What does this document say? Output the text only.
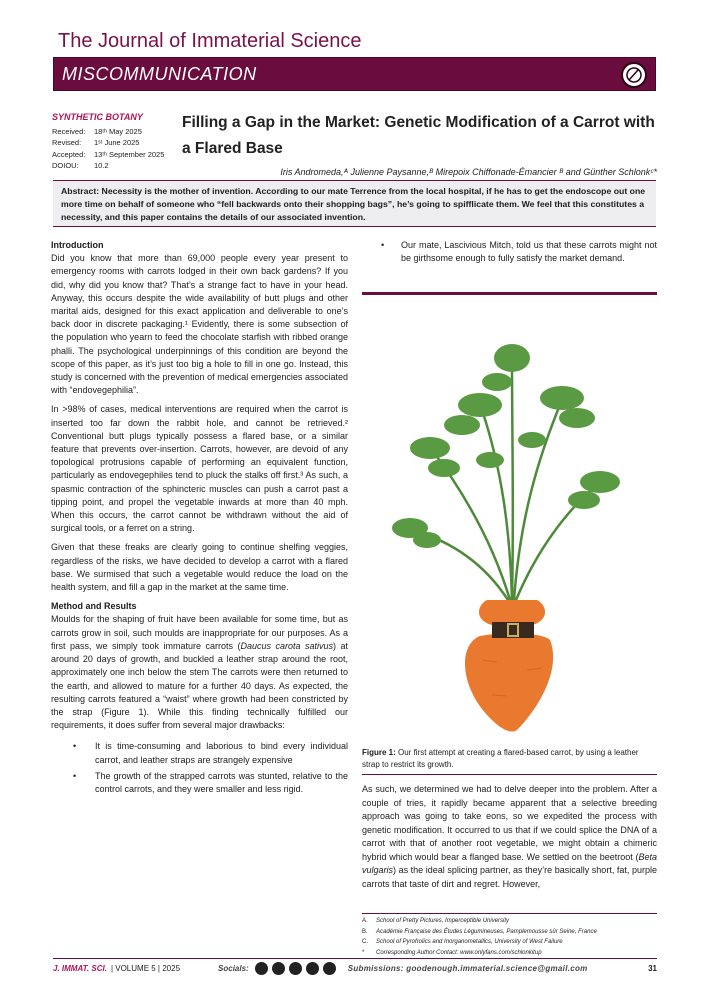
The Journal of Immaterial Science
MISCOMMUNICATION
SYNTHETIC BOTANY
Received:	18ᵗʰ May 2025
Revised:	1ˢᵗ June 2025
Accepted:	13ᵗʰ September 2025
DOIOU:	10.2
Filling a Gap in the Market: Genetic Modification of a Carrot with a Flared Base
Iris Andromeda,ᴬ Julienne Paysanne,ᴮ Mirepoix Chiffonade-Émancier ᴮ and Günther Schlonkᶜ*
Abstract: Necessity is the mother of invention. According to our mate Terrence from the local hospital, if he has to get the endoscope out one more time on behalf of someone who “fell backwards onto their shopping bags”, he’s going to spifflicate them. We feel that this constitutes a necessity, and this paper contains the details of our associated invention.
Introduction

Did you know that more than 69,000 people every year present to emergency rooms with carrots lodged in their own back gardens? If you did, why did you know that? That’s a strange fact to have in your head. Anyway, this occurs despite the wide availability of butt plugs and other marital aids, designed for this exact application and deliverable to one’s back door in discrete packaging.¹ Evidently, there is some subsection of the population who yearn to feed the chocolate starfish with ribbed orange phalli. The psychological underpinnings of this condition are beyond the scope of this paper, as it’s just too big a hole to fill in one go. Instead, this study is concerned with the prevention of medical emergencies associated with “endovegephilia”.

In >98% of cases, medical interventions are required when the carrot is inserted too far down the rabbit hole, and cannot be retrieved.² Conventional butt plugs typically possess a flared base, or a similar feature that prevents over-insertion. Carrots, however, are devoid of any topological protrusions capable of performing an equivalent function, particularly as endovegephiles tend to pluck the stalks off first.³ As such, a spasmic contraction of the sphincteric muscles can push a carrot past a tipping point, and propel the vegetable inwards at more than 40 mph. When this occurs, the carrot cannot be withdrawn without the aid of surgical tools, or a ferret on a string.

Given that these freaks are clearly going to continue shelfing veggies, regardless of the risks, we have decided to develop a carrot with a flared base. We surmised that such a vegetable would reduce the load on the health system, and fill a gap in the market at the same time.

Method and Results

Moulds for the shaping of fruit have been available for some time, but as carrots grow in soil, such moulds are inappropriate for our purposes. As a first pass, we simply took immature carrots (Daucus carota sativus) at around 20 days of growth, and buckled a leather strap around the root, approximately one inch below the stem The carrots were then returned to the earth, and allowed to mature for a further 40 days. As expected, the resulting carrots featured a “waist” where growth had been constricted by the strap (Figure 1). While this finding technically fulfilled our requirements, it does suffer from several major drawbacks:

• It is time-consuming and laborious to bind every individual carrot, and leather straps are strangely expensive
• The growth of the strapped carrots was stunted, relative to the control carrots, and they were smaller and less rigid.
• Our mate, Lascivious Mitch, told us that these carrots might not be girthsome enough to fully satisfy the market demand.
Figure 1: Our first attempt at creating a flared-based carrot, by using a leather strap to restrict its growth.
As such, we determined we had to delve deeper into the problem. After a couple of tries, it rapidly became apparent that a selective breeding approach was going to take eons, so we expedited the process with genetic modification. It occurred to us that if we could splice the DNA of a carrot with that of another root vegetable, we might obtain a chimeric hybrid which would bear a flanged base. We settled on the beetroot (Beta vulgaris) as the ideal splicing partner, as they’re basically short, fat, purple carrots that taste of dirt and regret. However,
A.	School of Pretty Pictures, Imperceptible University
B.	Académie Française des Études Légumineuses, Pamplemousse sûr Seine, France
C.	School of Pyrofrolics and Inorganometallics, University of West Failure
*	Corresponding Author Contact: www.onlyfans.com/schlonkitup
J. IMMAT. SCI. | VOLUME 5 | 2025	Socials:	Submissions: goodenough.immaterial.science@gmail.com	31
